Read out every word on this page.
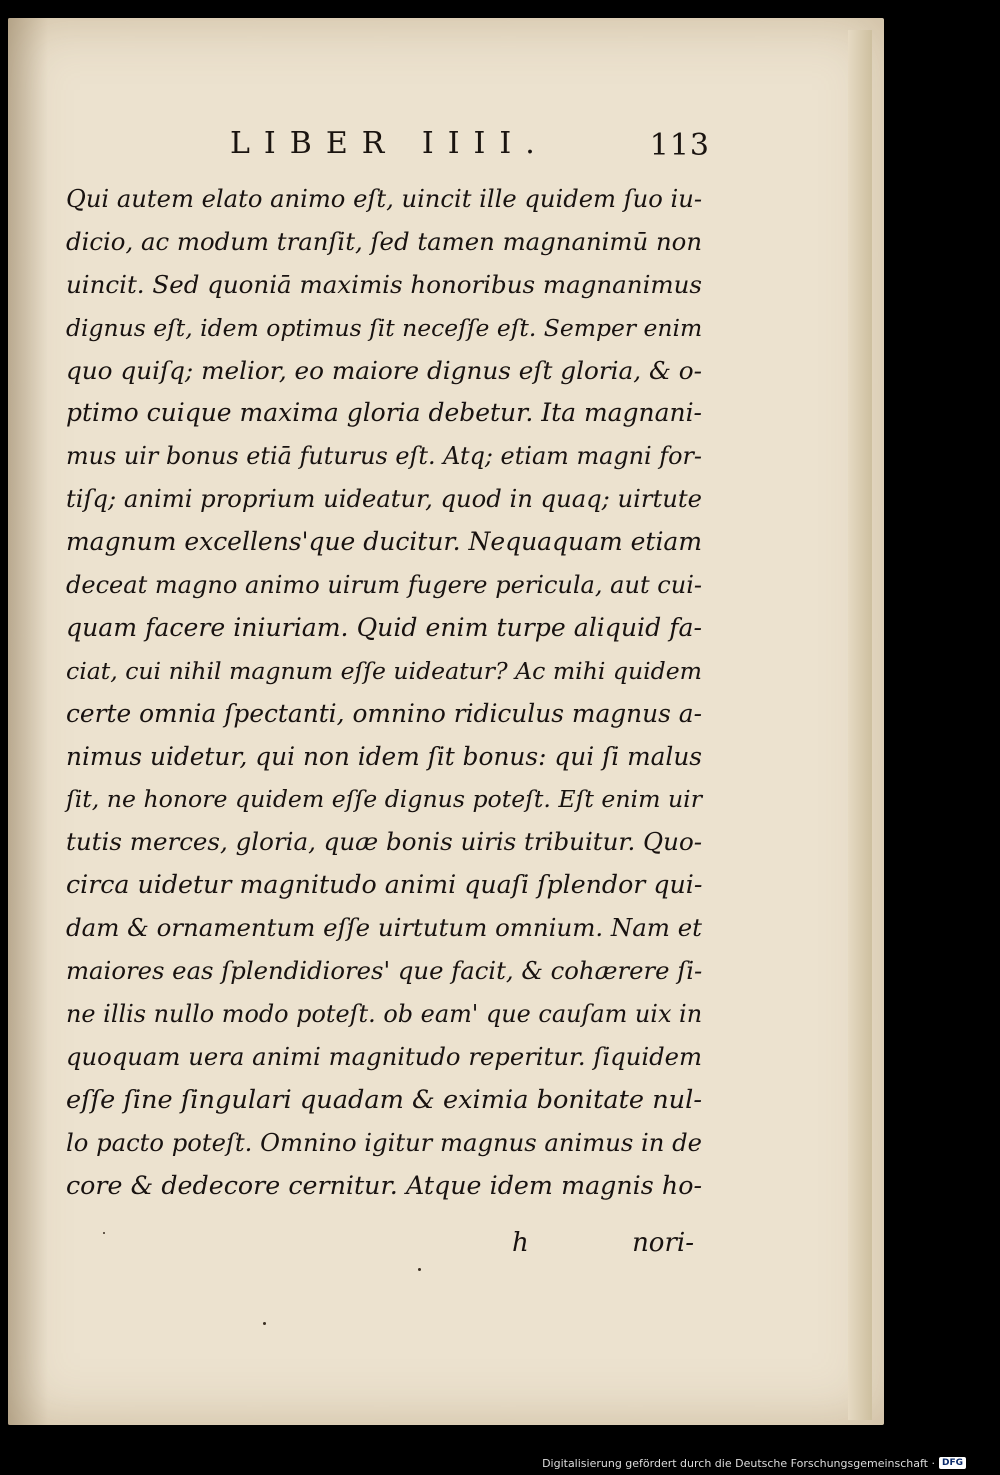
LIBER IIII.	113
Qui autem elato animo eſt, uincit ille quidem ſuo iu-
dicio, ac modum tranſit, ſed tamen magnanimū non
uincit. Sed quoniā maximis honoribus magnanimus
dignus eſt, idem optimus ſit neceſſe eſt. Semper enim
quo quiſq; melior, eo maiore dignus eſt gloria, & o-
ptimo cuique maxima gloria debetur. Ita magnani-
mus uir bonus etiā futurus eſt. Atq; etiam magni for-
tiſq; animi proprium uideatur, quod in quaq; uirtute
magnum excellens'que ducitur. Nequaquam etiam
deceat magno animo uirum fugere pericula, aut cui-
quam facere iniuriam. Quid enim turpe aliquid fa-
ciat, cui nihil magnum eſſe uideatur? Ac mihi quidem
certe omnia ſpectanti, omnino ridiculus magnus a-
nimus uidetur, qui non idem ſit bonus: qui ſi malus
ſit, ne honore quidem eſſe dignus poteſt. Eſt enim uir
tutis merces, gloria, quæ bonis uiris tribuitur. Quo-
circa uidetur magnitudo animi quaſi ſplendor qui-
dam & ornamentum eſſe uirtutum omnium. Nam et
maiores eas ſplendidiores' que facit, & cohærere ſi-
ne illis nullo modo poteſt. ob eam' que cauſam uix in
quoquam uera animi magnitudo reperitur. ſiquidem
eſſe ſine ſingulari quadam & eximia bonitate nul-
lo pacto poteſt. Omnino igitur magnus animus in de
core & dedecore cernitur. Atque idem magnis ho-
h	nori-
Digitalisierung gefördert durch die Deutsche Forschungsgemeinschaft · DFG
